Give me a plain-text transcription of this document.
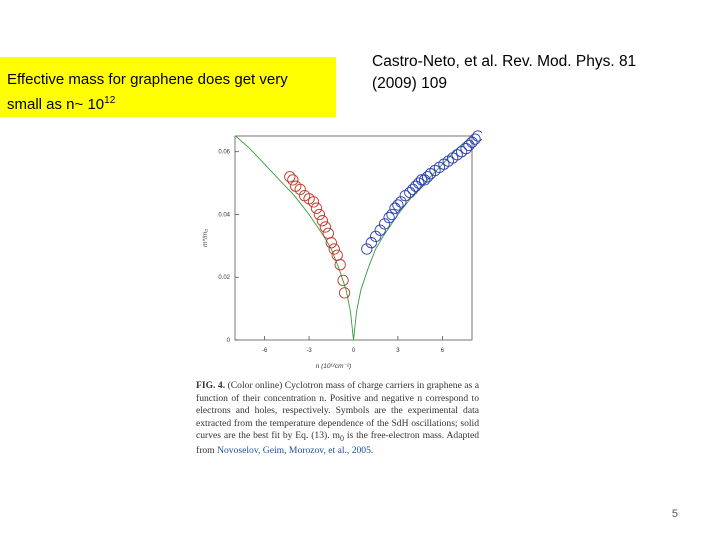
Effective mass for graphene does get very
small as n~ $10^{12}$
Castro-Neto, et al. Rev. Mod. Phys. 81
(2009) 109
-6	-3	0	3	6
0
0.02
0.04
0.06
n (10¹²cm⁻²)
m*/m₀
FIG. 4. (Color online) Cyclotron mass of charge carriers in graphene as a function of their concentration n. Positive and negative n correspond to electrons and holes, respectively. Symbols are the experimental data extracted from the temperature dependence of the SdH oscillations; solid curves are the best fit by Eq. (13). $m_0$ is the free-electron mass. Adapted from Novoselov, Geim, Morozov, et al., 2005.
5
